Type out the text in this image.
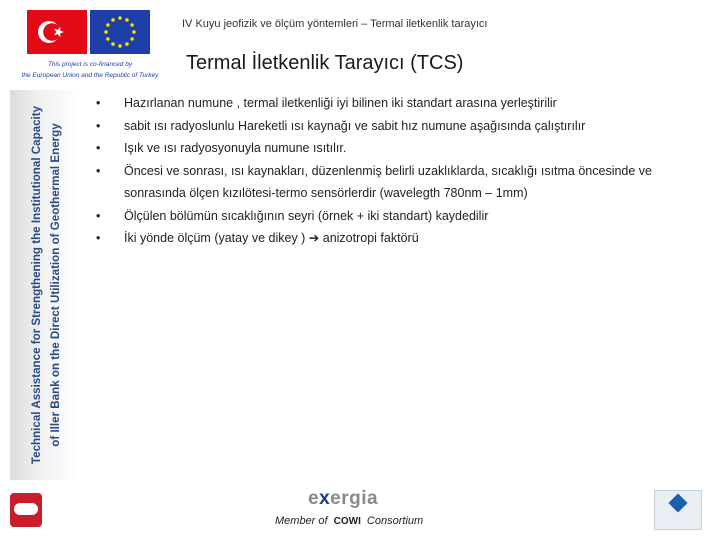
IV Kuyu jeofizik ve ölçüm yöntemleri – Termal iletkenlik tarayıcı
This project is co-financed by
the European Union and the Republic of Turkey
Termal İletkenlik Tarayıcı (TCS)
Technical Assistance for Strengthening the Institutional Capacity of Iller Bank on the Direct Utilization of Geothermal Energy
• Hazırlanan numune , termal iletkenliği iyi bilinen iki standart arasına yerleştirilir
• sabit ısı radyoslunlu Hareketli ısı kaynağı ve sabit hız numune aşağısında çalıştırılır
• Işık ve ısı radyosyonuyla numune ısıtılır.
• Öncesi ve sonrası, ısı kaynakları, düzenlenmiş belirli uzaklıklarda, sıcaklığı ısıtma öncesinde ve sonrasında ölçen kızılötesi-termo sensörlerdir (wavelegth 780nm – 1mm)
• Ölçülen bölümün sıcaklığının seyri (örnek + iki standart) kaydedilir
• İki yönde ölçüm (yatay ve dikey ) ➔ anizotropi faktörü
exergia
Member of COWI Consortium
